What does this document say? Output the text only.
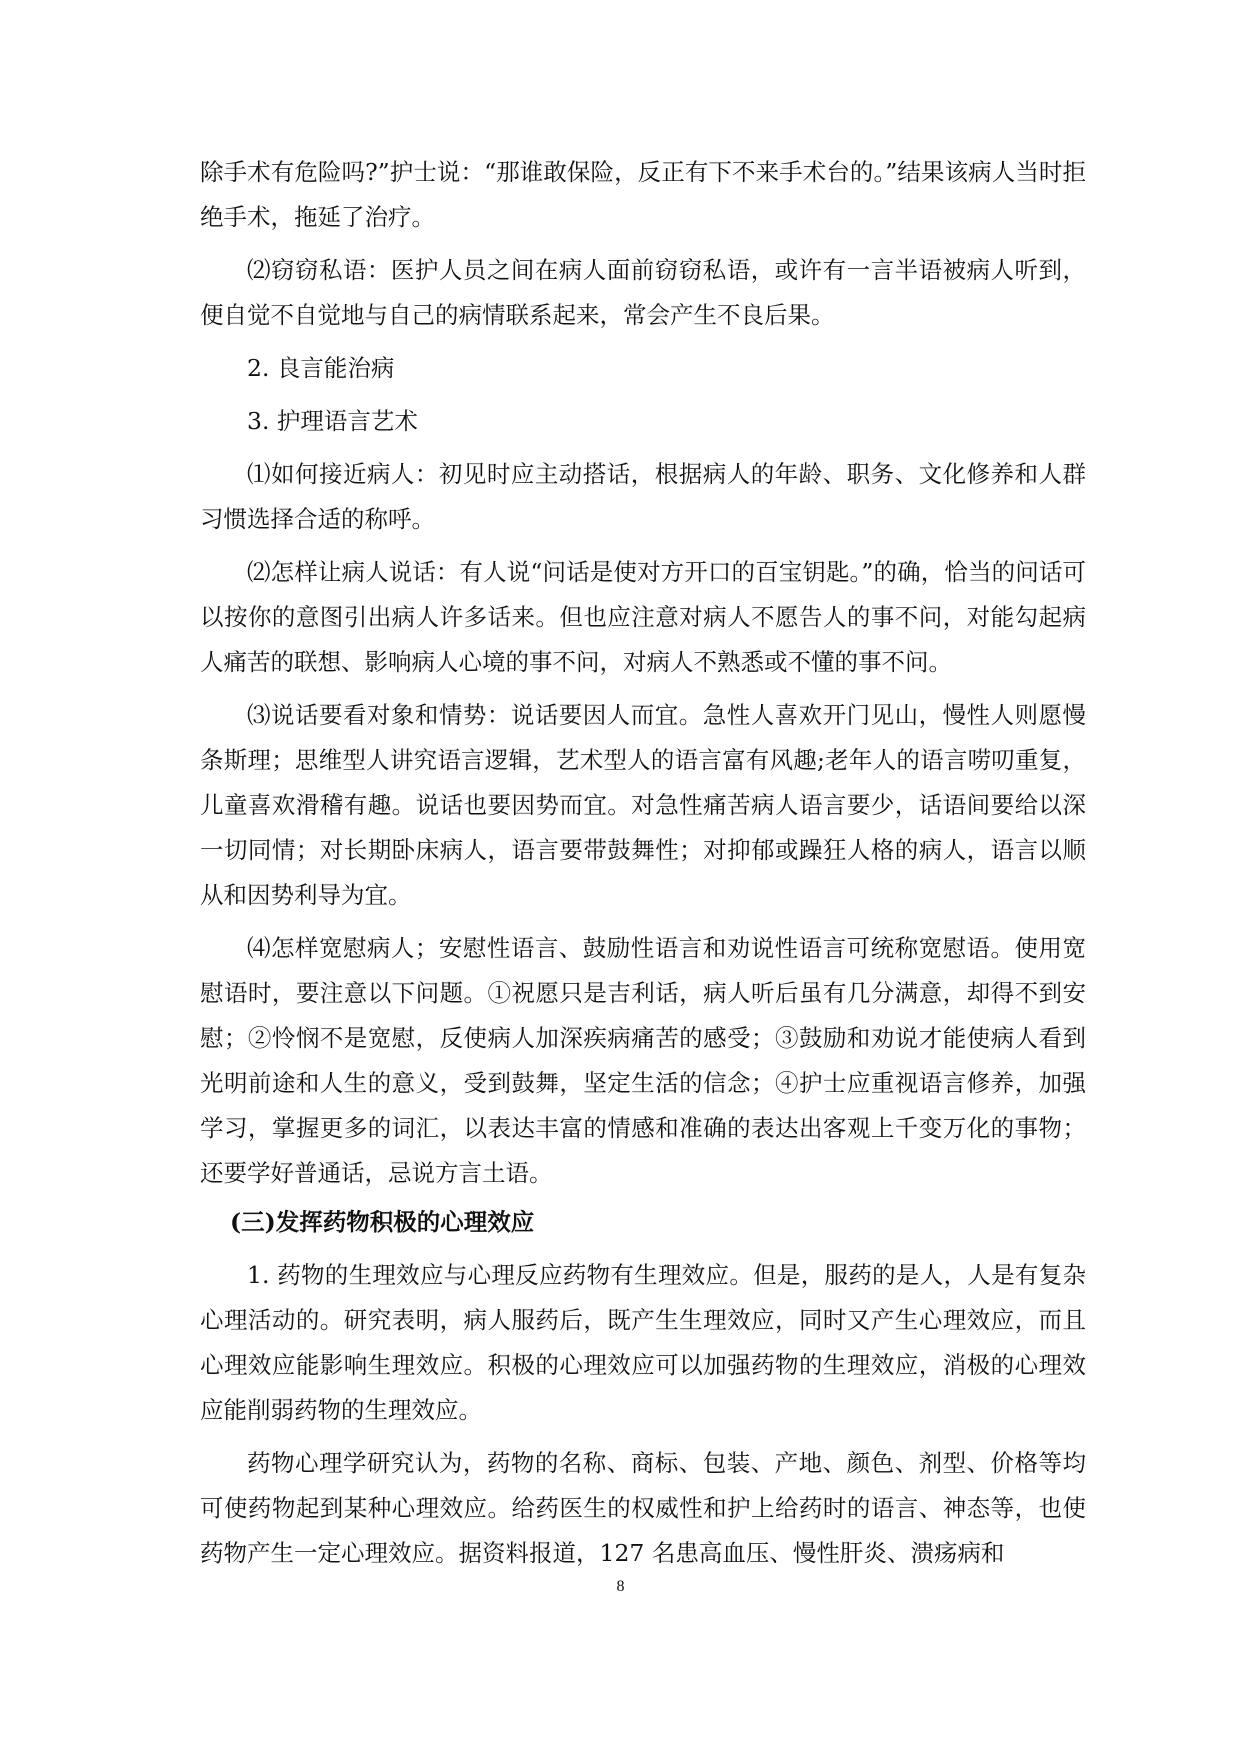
除手术有危险吗?”护士说：“那谁敢保险，反正有下不来手术台的。”结果该病人当时拒绝手术，拖延了治疗。

⑵窃窃私语：医护人员之间在病人面前窃窃私语，或许有一言半语被病人听到，便自觉不自觉地与自己的病情联系起来，常会产生不良后果。

2. 良言能治病

3. 护理语言艺术

⑴如何接近病人：初见时应主动搭话，根据病人的年龄、职务、文化修养和人群习惯选择合适的称呼。

⑵怎样让病人说话：有人说“问话是使对方开口的百宝钥匙。”的确，恰当的问话可以按你的意图引出病人许多话来。但也应注意对病人不愿告人的事不问，对能勾起病人痛苦的联想、影响病人心境的事不问，对病人不熟悉或不懂的事不问。

⑶说话要看对象和情势：说话要因人而宜。急性人喜欢开门见山，慢性人则愿慢条斯理；思维型人讲究语言逻辑，艺术型人的语言富有风趣;老年人的语言唠叨重复，儿童喜欢滑稽有趣。说话也要因势而宜。对急性痛苦病人语言要少，话语间要给以深一切同情；对长期卧床病人，语言要带鼓舞性；对抑郁或躁狂人格的病人，语言以顺从和因势利导为宜。

⑷怎样宽慰病人；安慰性语言、鼓励性语言和劝说性语言可统称宽慰语。使用宽慰语时，要注意以下问题。①祝愿只是吉利话，病人听后虽有几分满意，却得不到安慰；②怜悯不是宽慰，反使病人加深疾病痛苦的感受；③鼓励和劝说才能使病人看到光明前途和人生的意义，受到鼓舞，坚定生活的信念；④护士应重视语言修养，加强学习，掌握更多的词汇，以表达丰富的情感和准确的表达出客观上千变万化的事物；还要学好普通话，忌说方言土语。

(三)发挥药物积极的心理效应

1. 药物的生理效应与心理反应药物有生理效应。但是，服药的是人，人是有复杂心理活动的。研究表明，病人服药后，既产生生理效应，同时又产生心理效应，而且心理效应能影响生理效应。积极的心理效应可以加强药物的生理效应，消极的心理效应能削弱药物的生理效应。

药物心理学研究认为，药物的名称、商标、包装、产地、颜色、剂型、价格等均可使药物起到某种心理效应。给药医生的权威性和护上给药时的语言、神态等，也使药物产生一定心理效应。据资料报道，127 名患高血压、慢性肝炎、溃疡病和

8
